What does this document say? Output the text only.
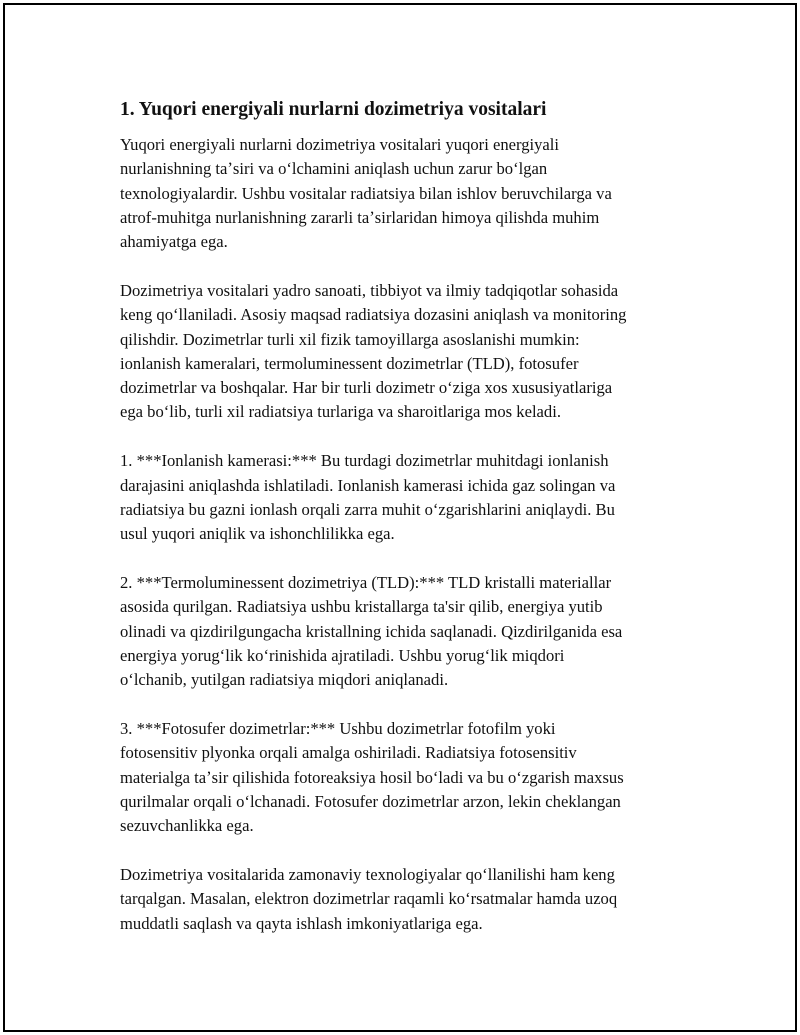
1. Yuqori energiyali nurlarni dozimetriya vositalari
Yuqori energiyali nurlarni dozimetriya vositalari yuqori energiyali
nurlanishning taʼsiri va oʻlchamini aniqlash uchun zarur boʻlgan
texnologiyalardir. Ushbu vositalar radiatsiya bilan ishlov beruvchilarga va
atrof-muhitga nurlanishning zararli taʼsirlaridan himoya qilishda muhim
ahamiyatga ega.
Dozimetriya vositalari yadro sanoati, tibbiyot va ilmiy tadqiqotlar sohasida
keng qoʻllaniladi. Asosiy maqsad radiatsiya dozasini aniqlash va monitoring
qilishdir. Dozimetrlar turli xil fizik tamoyillarga asoslanishi mumkin:
ionlanish kameralari, termoluminessent dozimetrlar (TLD), fotosufer
dozimetrlar va boshqalar. Har bir turli dozimetr oʻziga xos xususiyatlariga
ega boʻlib, turli xil radiatsiya turlariga va sharoitlariga mos keladi.
1. ***Ionlanish kamerasi:*** Bu turdagi dozimetrlar muhitdagi ionlanish
darajasini aniqlashda ishlatiladi. Ionlanish kamerasi ichida gaz solingan va
radiatsiya bu gazni ionlash orqali zarra muhit oʻzgarishlarini aniqlaydi. Bu
usul yuqori aniqlik va ishonchlilikka ega.
2. ***Termoluminessent dozimetriya (TLD):*** TLD kristalli materiallar
asosida qurilgan. Radiatsiya ushbu kristallarga ta'sir qilib, energiya yutib
olinadi va qizdirilgungacha kristallning ichida saqlanadi. Qizdirilganida esa
energiya yorugʻlik koʻrinishida ajratiladi. Ushbu yorugʻlik miqdori
oʻlchanib, yutilgan radiatsiya miqdori aniqlanadi.
3. ***Fotosufer dozimetrlar:*** Ushbu dozimetrlar fotofilm yoki
fotosensitiv plyonka orqali amalga oshiriladi. Radiatsiya fotosensitiv
materialga taʼsir qilishida fotoreaksiya hosil boʻladi va bu oʻzgarish maxsus
qurilmalar orqali oʻlchanadi. Fotosufer dozimetrlar arzon, lekin cheklangan
sezuvchanlikka ega.
Dozimetriya vositalarida zamonaviy texnologiyalar qoʻllanilishi ham keng
tarqalgan. Masalan, elektron dozimetrlar raqamli koʻrsatmalar hamda uzoq
muddatli saqlash va qayta ishlash imkoniyatlariga ega.
